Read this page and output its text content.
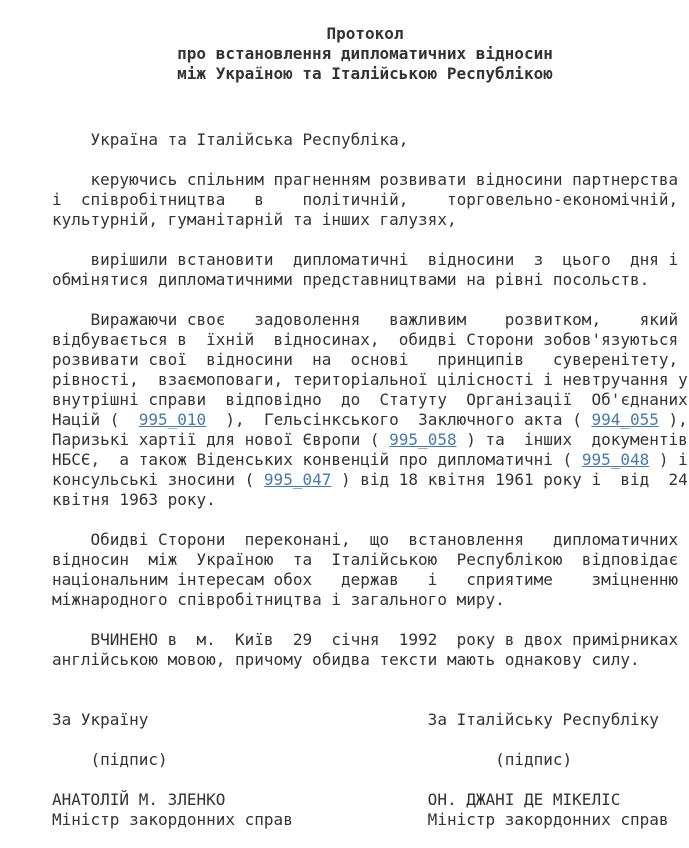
Протокол
про встановлення дипломатичних відносин
між Україною та Італійською Республікою
Україна та Італійська Республіка,

керуючись спільним прагненням розвивати відносини партнерства
і  співробітництва   в    політичній,    торговельно-економічній,
культурній, гуманітарній та інших галузях,

вирішили встановити  дипломатичні  відносини  з  цього  дня і
обмінятися дипломатичними представництвами на рівні посольств.

Виражаючи своє   задоволення   важливим    розвитком,    який
відбувається в  їхній  відносинах,  обидві Сторони зобов'язуються
розвивати свої  відносини  на  основі   принципів   суверенітету,
рівності,  взаємоповаги, територіальної цілісності і невтручання у
внутрішні справи  відповідно  до  Статуту  Організації  Об'єднаних
Націй (  995_010  ),  Гельсінкського  Заключного акта ( 994_055 ),
Паризькі хартії для нової Європи ( 995_058 ) та  інших  документів
НБСЄ,  а також Віденських конвенцій про дипломатичні ( 995_048 ) і
консульські зносини ( 995_047 ) від 18 квітня 1961 року і  від  24
квітня 1963 року.

Обидві Сторони  переконані,  що  встановлення   дипломатичних
відносин  між  Україною  та  Італійською  Республікою  відповідає
національним інтересам обох   держав   і   сприятиме    зміцненню
міжнародного співробітництва і загального миру.

ВЧИНЕНО в  м.  Київ  29  січня  1992  року в двох примірниках
англійською мовою, причому обидва тексти мають однакову силу.

За Україну                             За Італійську Республіку

(підпис)                                  (підпис)

АНАТОЛІЙ М. ЗЛЕНКО                     ОН. ДЖАНІ ДЕ МІКЕЛІС
Міністр закордонних справ              Міністр закордонних справ
